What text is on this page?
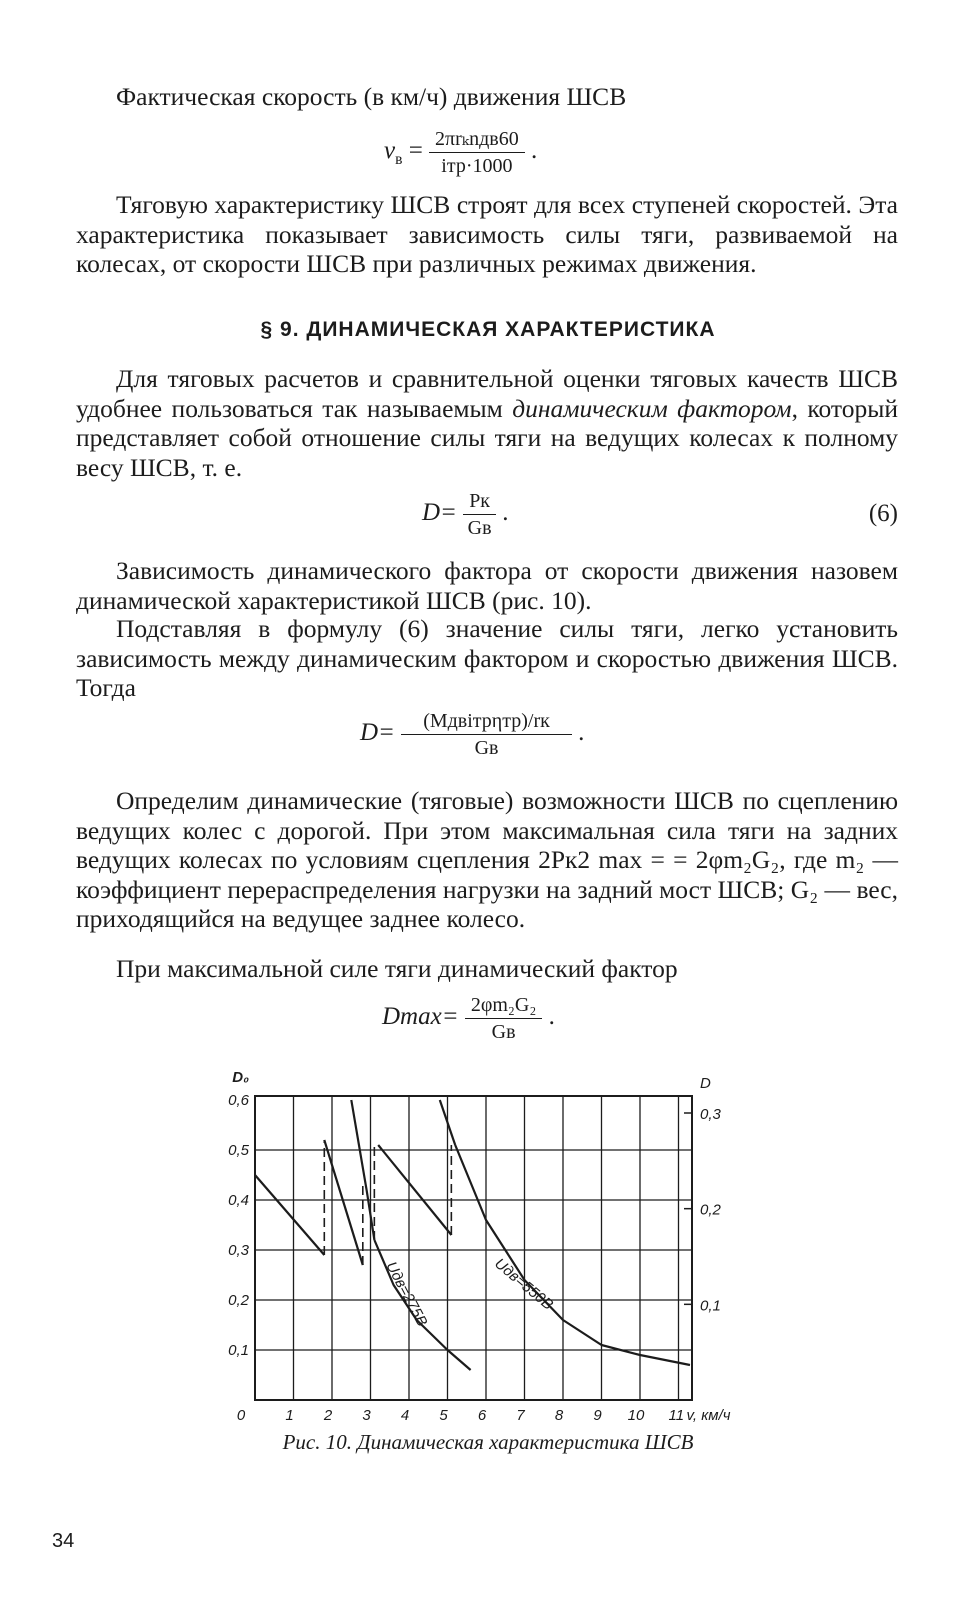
Фактическая скорость (в км/ч) движения ШСВ

$v_в = \frac{\text{2πrₖnдв60}}{\text{iтр·1000}}$ .

Тяговую характеристику ШСВ строят для всех ступеней скоростей. Эта характеристика показывает зависимость силы тяги, развиваемой на колесах, от скорости ШСВ при различных режимах движения.

§ 9. ДИНАМИЧЕСКАЯ ХАРАКТЕРИСТИКА

Для тяговых расчетов и сравнительной оценки тяговых качеств ШСВ удобнее пользоваться так называемым динамическим фактором, который представляет собой отношение силы тяги на ведущих колесах к полному весу ШСВ, т. е.

$D= \frac{Pк}{Gв}$ .	(6)

Зависимость динамического фактора от скорости движения назовем динамической характеристикой ШСВ (рис. 10).

Подставляя в формулу (6) значение силы тяги, легко установить зависимость между динамическим фактором и скоростью движения ШСВ. Тогда

$D= \frac{\text{(Mдвiтрηтр)/rк}}{Gв}$ .

Определим динамические (тяговые) возможности ШСВ по сцеплению ведущих колес с дорогой. При этом максимальная сила тяги на задних ведущих колесах по условиям сцепления 2Pк2 max = = 2φm₂G₂, где m₂ — коэффициент перераспределения нагрузки на задний мост ШСВ; G₂ — вес, приходящийся на ведущее заднее колесо.

При максимальной силе тяги динамический фактор

$Dmax= \frac{\text{2φm₂G₂}}{Gв}$ .
0,1
0,2
0,3
0,4
0,5
0,6
D₀
0,1
0,2
0,3
D
0	1 2 3 4 5 6 7 8 9 10 11 v, км/ч
Uдв=275В	Uдв=550В
Рис. 10. Динамическая характеристика ШСВ
34
